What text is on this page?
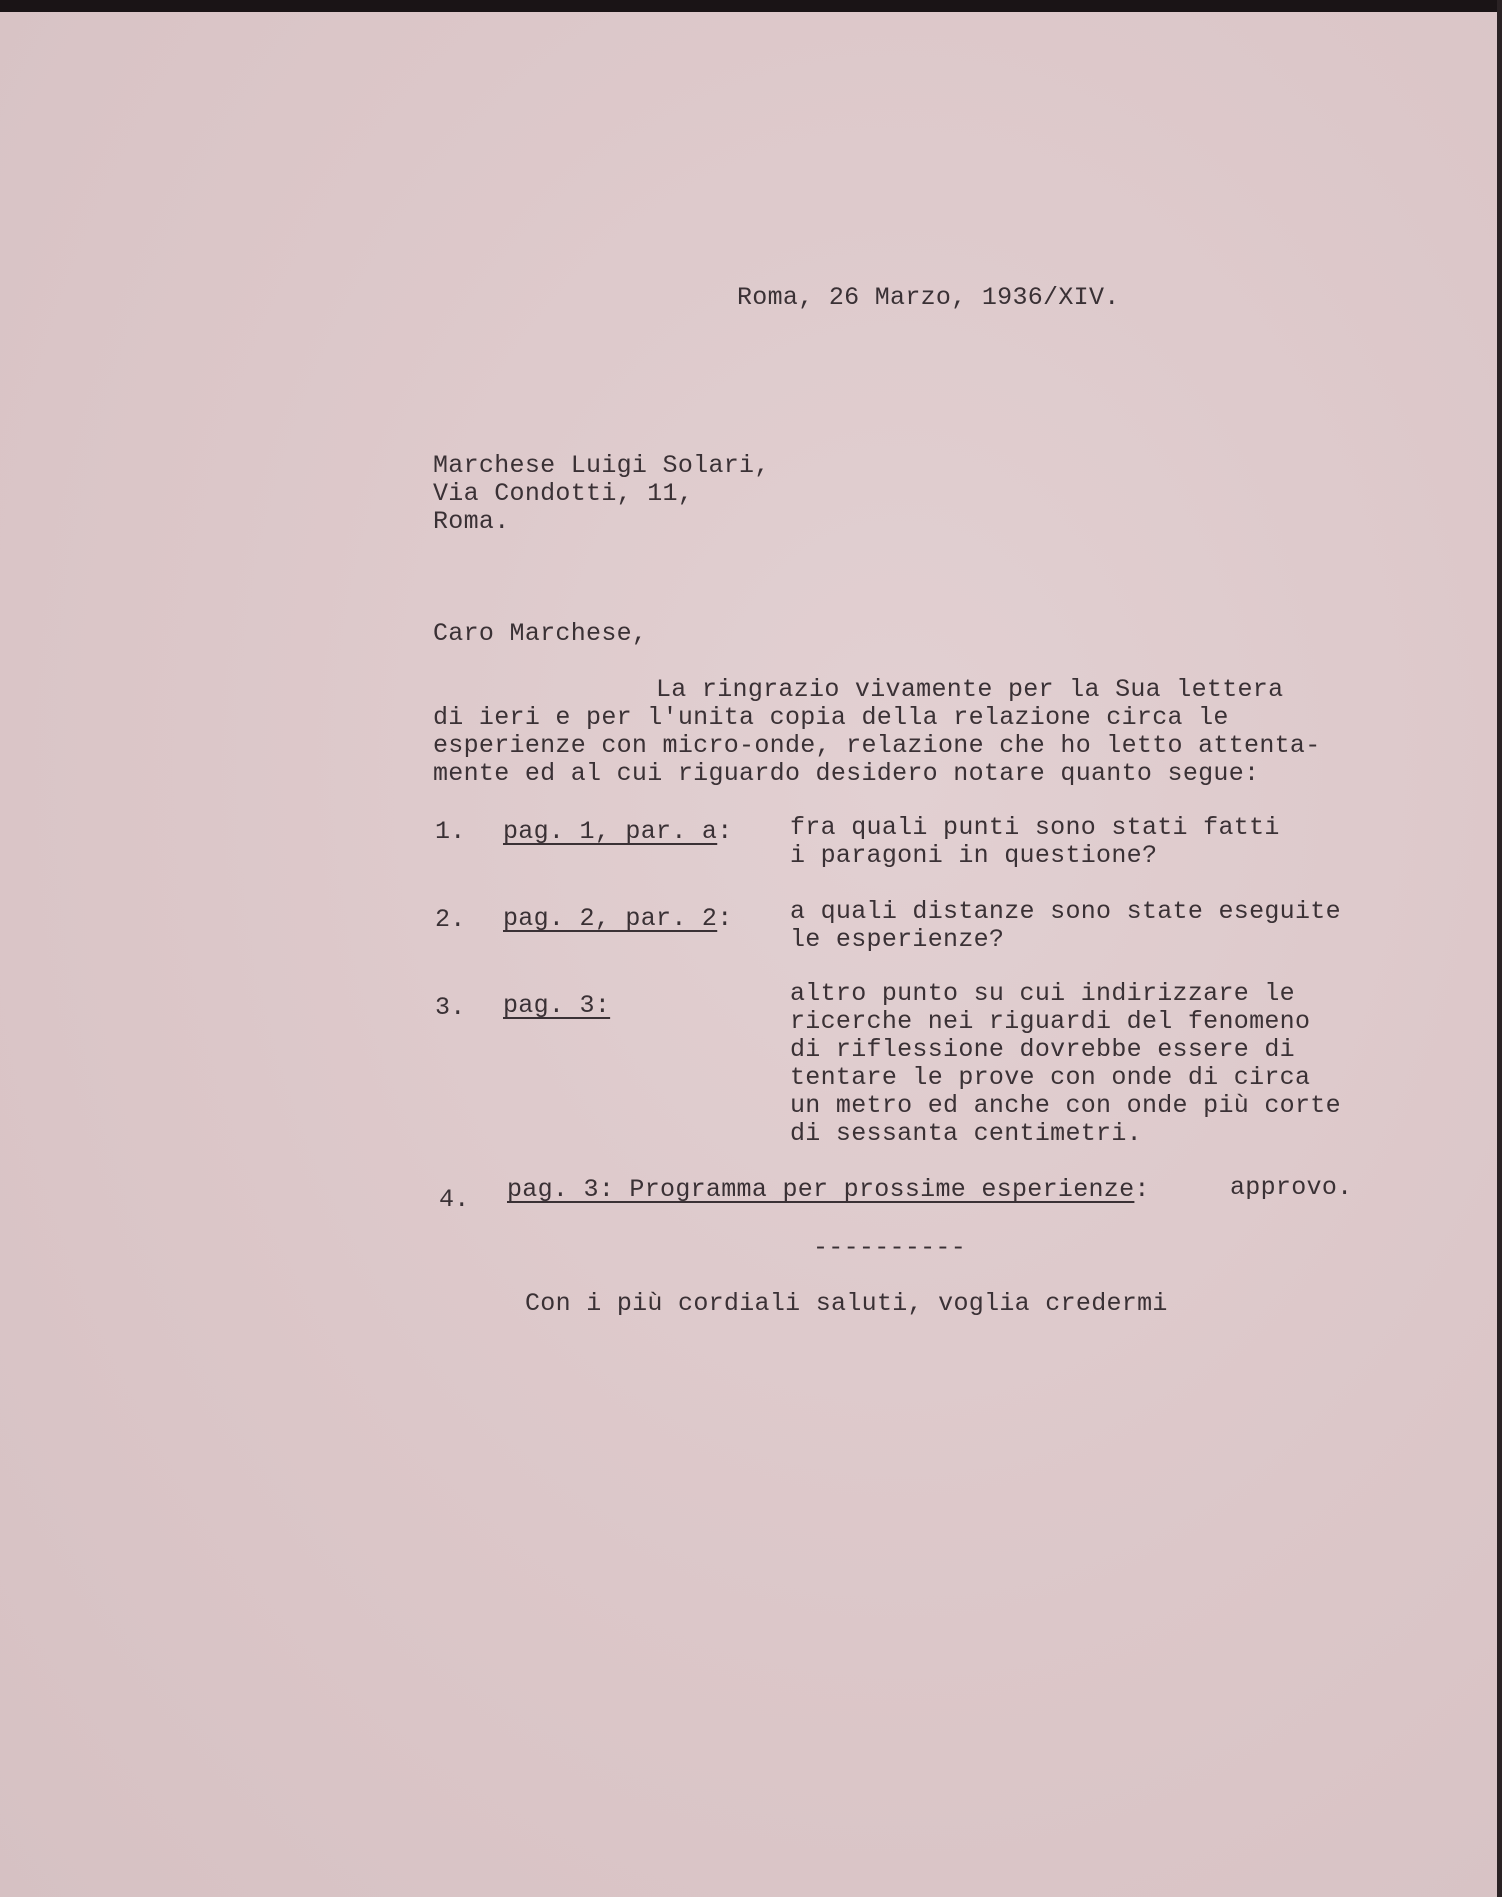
Roma, 26 Marzo, 1936/XIV.
Marchese Luigi Solari,
Via Condotti, 11,
Roma.
Caro Marchese,
La ringrazio vivamente per la Sua lettera
di ieri e per l'unita copia della relazione circa le
esperienze con micro-onde, relazione che ho letto attenta-
mente ed al cui riguardo desidero notare quanto segue:
1. pag. 1, par. a: fra quali punti sono stati fatti
i paragoni in questione?
2. pag. 2, par. 2: a quali distanze sono state eseguite
le esperienze?
3. pag. 3:	altro punto su cui indirizzare le
ricerche nei riguardi del fenomeno
di riflessione dovrebbe essere di
tentare le prove con onde di circa
un metro ed anche con onde più corte
di sessanta centimetri.
4. pag. 3: Programma per prossime esperienze:	approvo.
----------
Con i più cordiali saluti, voglia credermi
